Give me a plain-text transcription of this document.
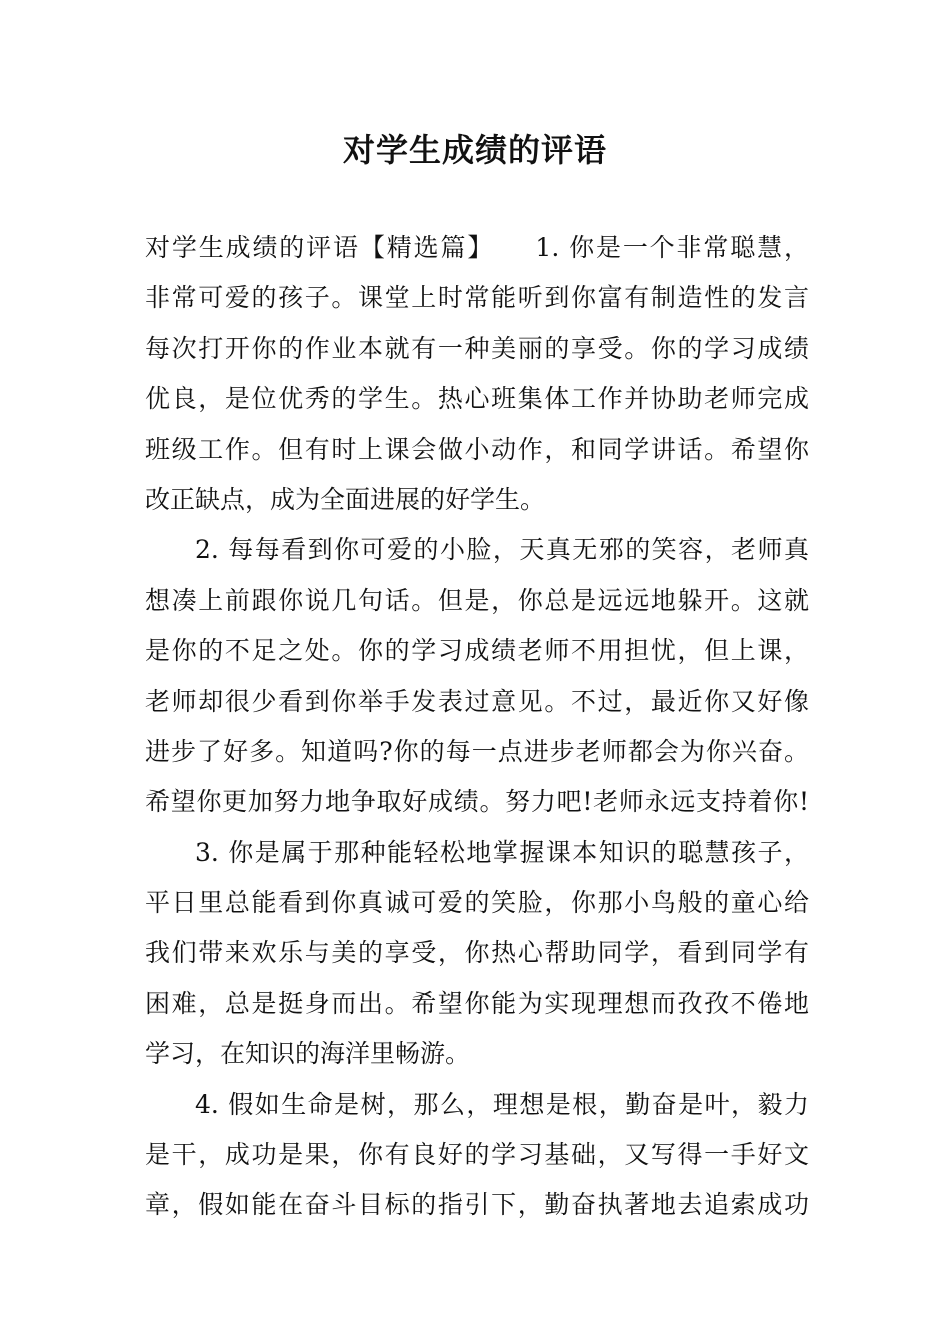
对学生成绩的评语
对学生成绩的评语【精选篇】　　1. 你是一个非常聪慧，
非常可爱的孩子。课堂上时常能听到你富有制造性的发言
每次打开你的作业本就有一种美丽的享受。你的学习成绩
优良，是位优秀的学生。热心班集体工作并协助老师完成
班级工作。但有时上课会做小动作，和同学讲话。希望你
改正缺点，成为全面进展的好学生。
2. 每每看到你可爱的小脸，天真无邪的笑容，老师真
想凑上前跟你说几句话。但是，你总是远远地躲开。这就
是你的不足之处。你的学习成绩老师不用担忧，但上课，
老师却很少看到你举手发表过意见。不过，最近你又好像
进步了好多。知道吗?你的每一点进步老师都会为你兴奋。
希望你更加努力地争取好成绩。努力吧!老师永远支持着你!
3. 你是属于那种能轻松地掌握课本知识的聪慧孩子，
平日里总能看到你真诚可爱的笑脸，你那小鸟般的童心给
我们带来欢乐与美的享受，你热心帮助同学，看到同学有
困难，总是挺身而出。希望你能为实现理想而孜孜不倦地
学习，在知识的海洋里畅游。
4. 假如生命是树，那么，理想是根，勤奋是叶，毅力
是干，成功是果，你有良好的学习基础，又写得一手好文
章，假如能在奋斗目标的指引下，勤奋执著地去追索成功
